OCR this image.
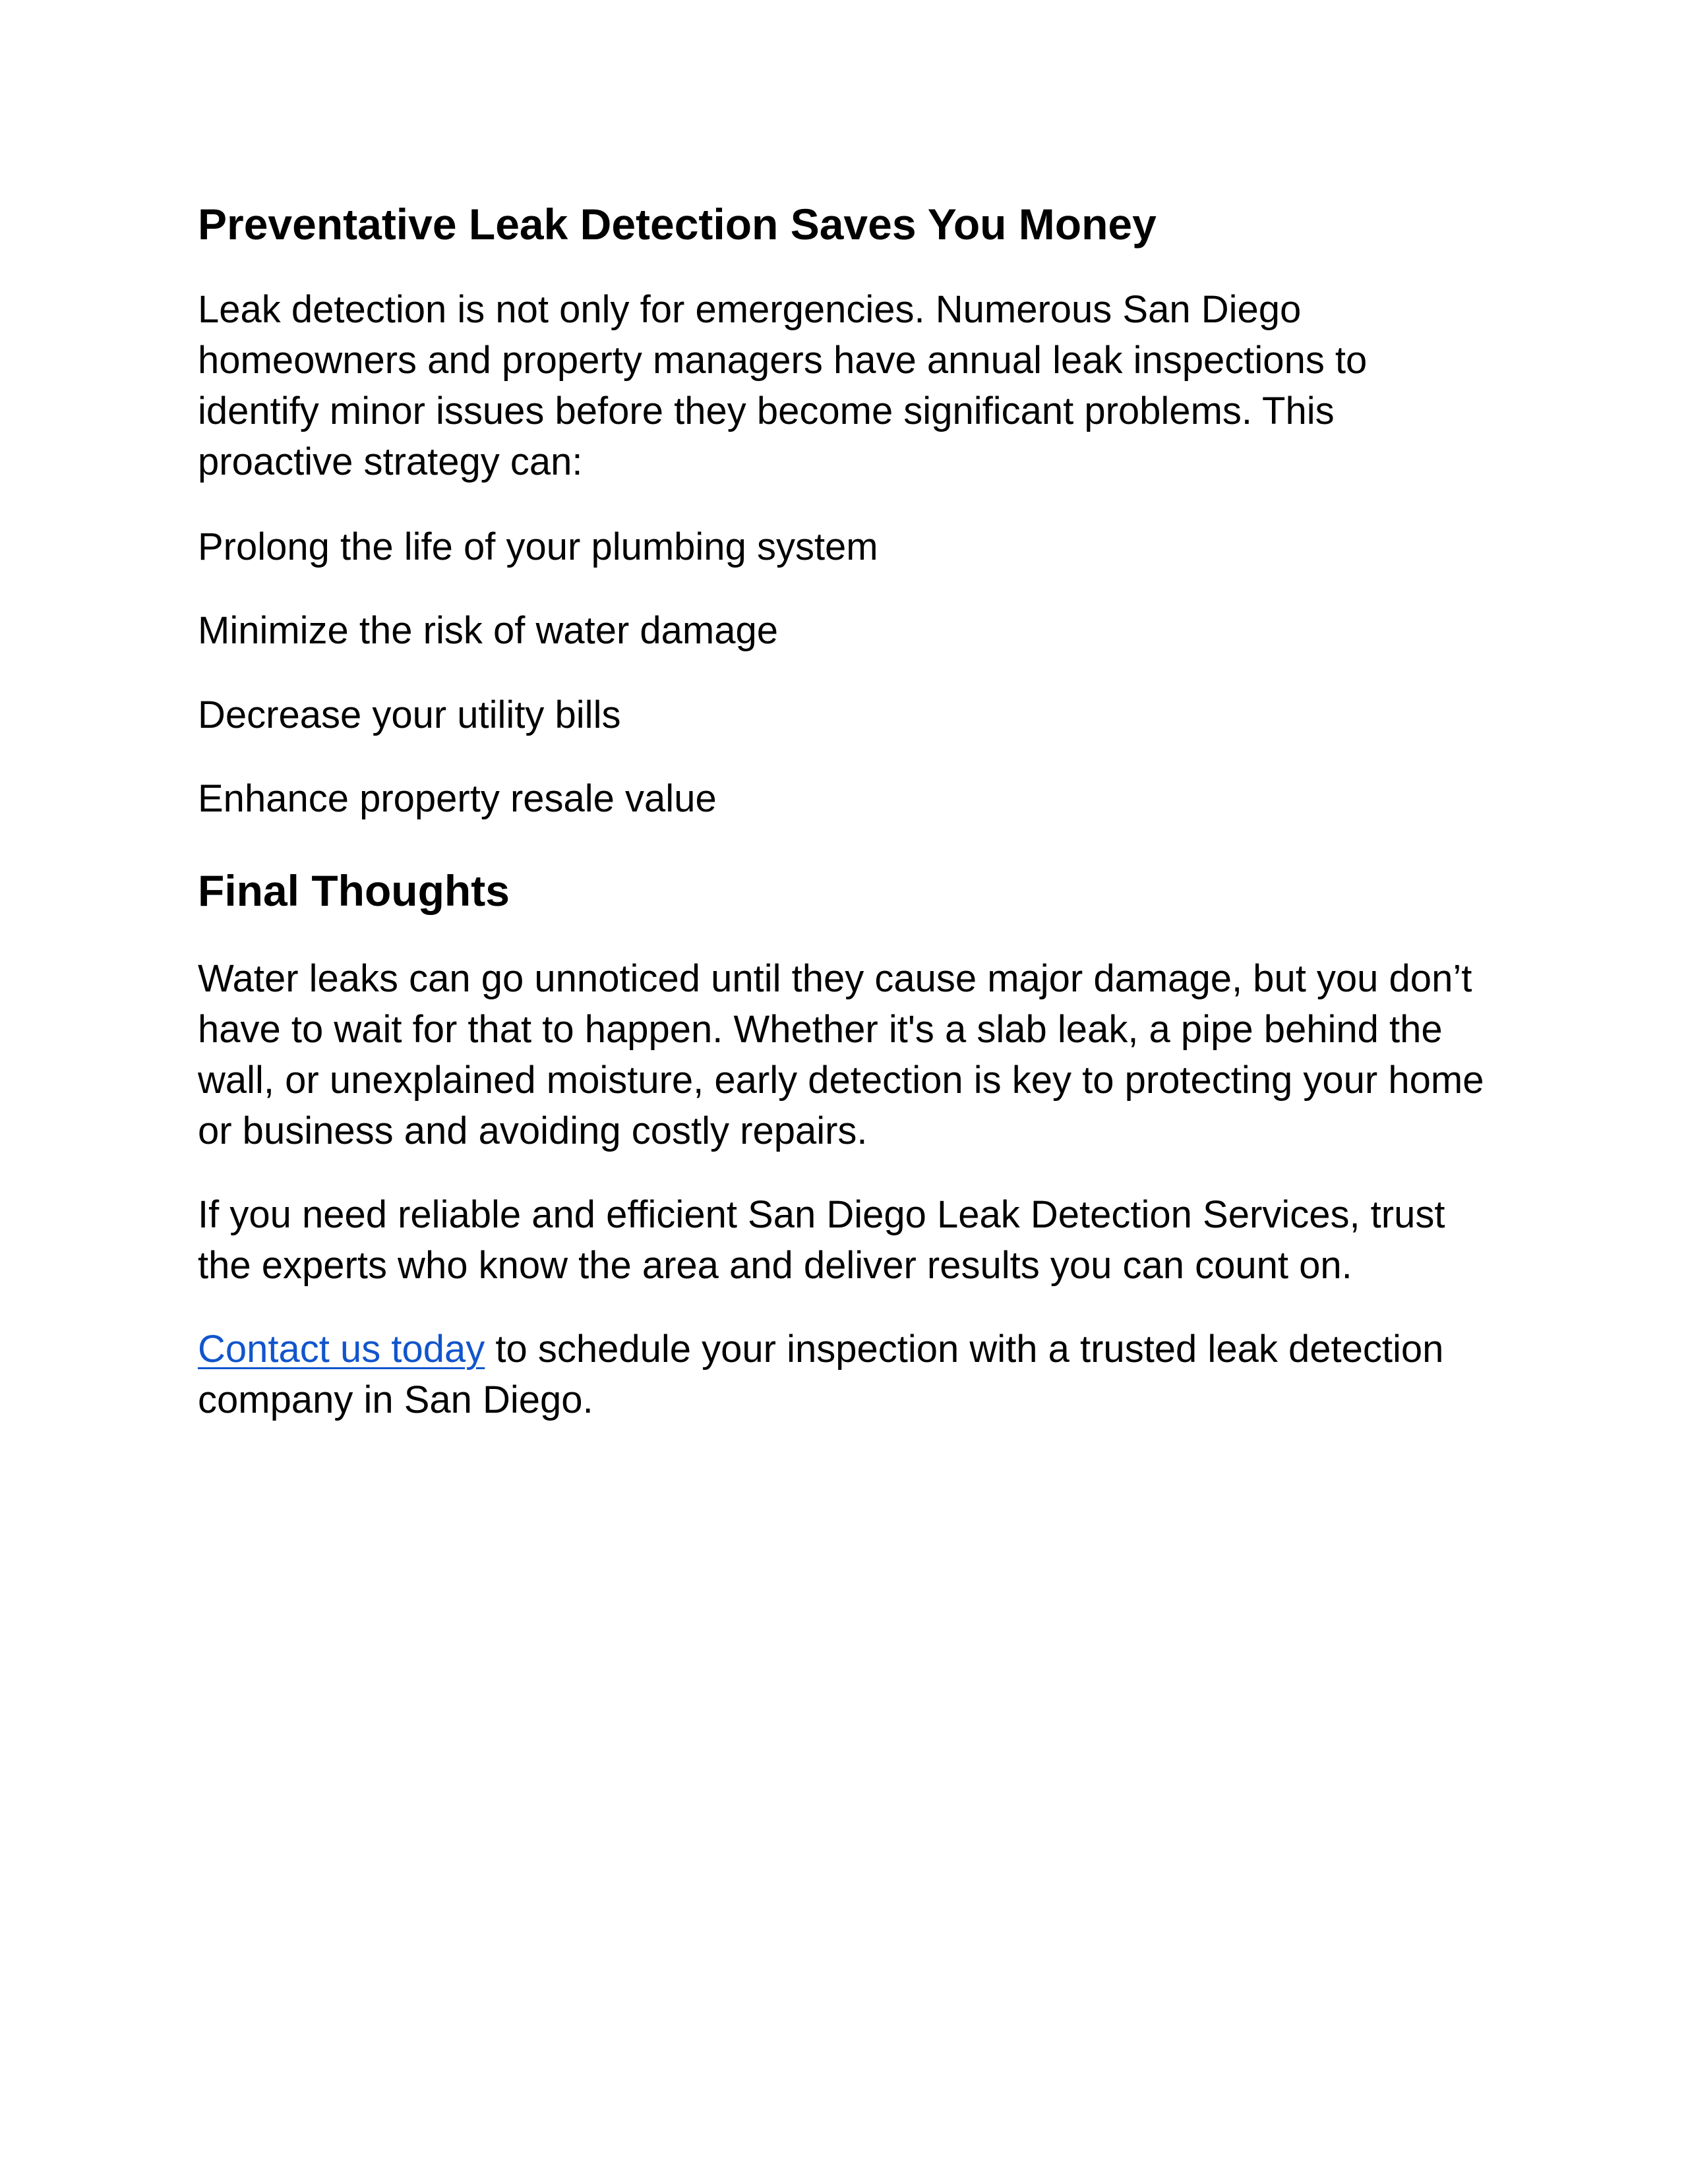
Preventative Leak Detection Saves You Money

Leak detection is not only for emergencies. Numerous San Diego homeowners and property managers have annual leak inspections to identify minor issues before they become significant problems. This proactive strategy can:

Prolong the life of your plumbing system

Minimize the risk of water damage

Decrease your utility bills

Enhance property resale value

Final Thoughts

Water leaks can go unnoticed until they cause major damage, but you don’t have to wait for that to happen. Whether it's a slab leak, a pipe behind the wall, or unexplained moisture, early detection is key to protecting your home or business and avoiding costly repairs.

If you need reliable and efficient San Diego Leak Detection Services, trust the experts who know the area and deliver results you can count on.

Contact us today to schedule your inspection with a trusted leak detection company in San Diego.
